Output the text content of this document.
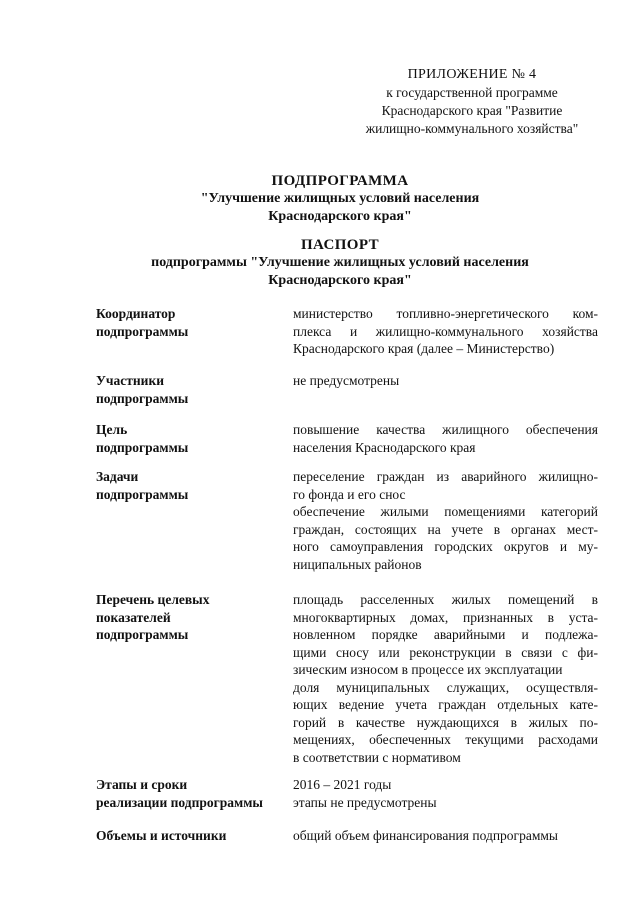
ПРИЛОЖЕНИЕ № 4
к государственной программе
Краснодарского края "Развитие
жилищно-коммунального хозяйства"
ПОДПРОГРАММА
"Улучшение жилищных условий населения
Краснодарского края"
ПАСПОРТ
подпрограммы "Улучшение жилищных условий населения
Краснодарского края"
Координатор
подпрограммы

министерство топливно-энергетического ком-
плекса и жилищно-коммунального хозяйства
Краснодарского края (далее – Министерство)

Участники
подпрограммы

не предусмотрены

Цель
подпрограммы

повышение качества жилищного обеспечения
населения Краснодарского края

Задачи
подпрограммы

переселение граждан из аварийного жилищно-
го фонда и его снос

обеспечение жилыми помещениями категорий
граждан, состоящих на учете в органах мест-
ного самоуправления городских округов и му-
ниципальных районов

Перечень целевых
показателей
подпрограммы

площадь расселенных жилых помещений в
многоквартирных домах, признанных в уста-
новленном порядке аварийными и подлежа-
щими сносу или реконструкции в связи с фи-
зическим износом в процессе их эксплуатации

доля муниципальных служащих, осуществля-
ющих ведение учета граждан отдельных кате-
горий в качестве нуждающихся в жилых по-
мещениях, обеспеченных текущими расходами
в соответствии с нормативом

Этапы и сроки
реализации подпрограммы

2016 – 2021 годы

этапы не предусмотрены

Объемы и источники	общий объем финансирования подпрограммы
